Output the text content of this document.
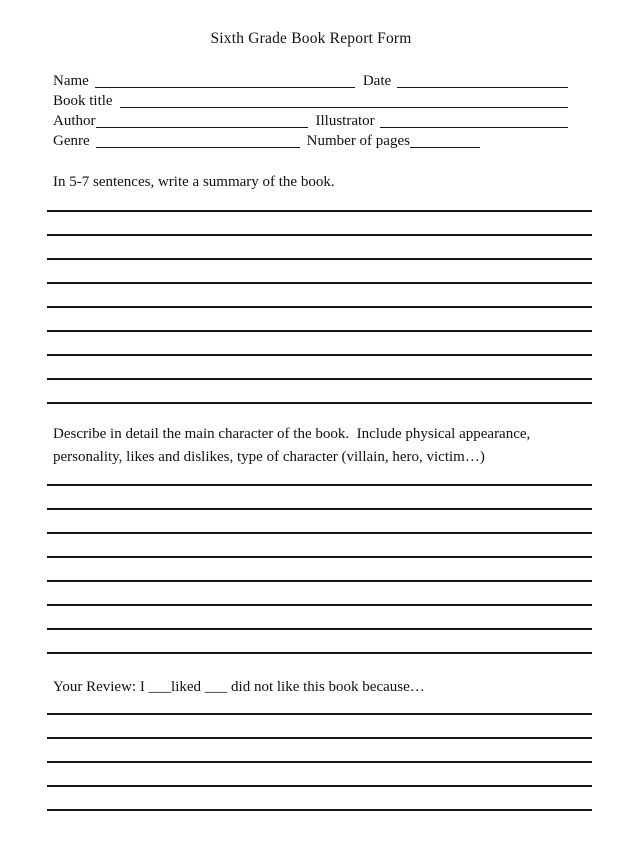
Sixth Grade Book Report Form
Name	Date
Book title
Author	Illustrator
Genre	Number of pages

In 5-7 sentences, write a summary of the book.

Describe in detail the main character of the book.  Include physical appearance, personality, likes and dislikes, type of character (villain, hero, victim…)

Your Review: I ___liked ___ did not like this book because…
